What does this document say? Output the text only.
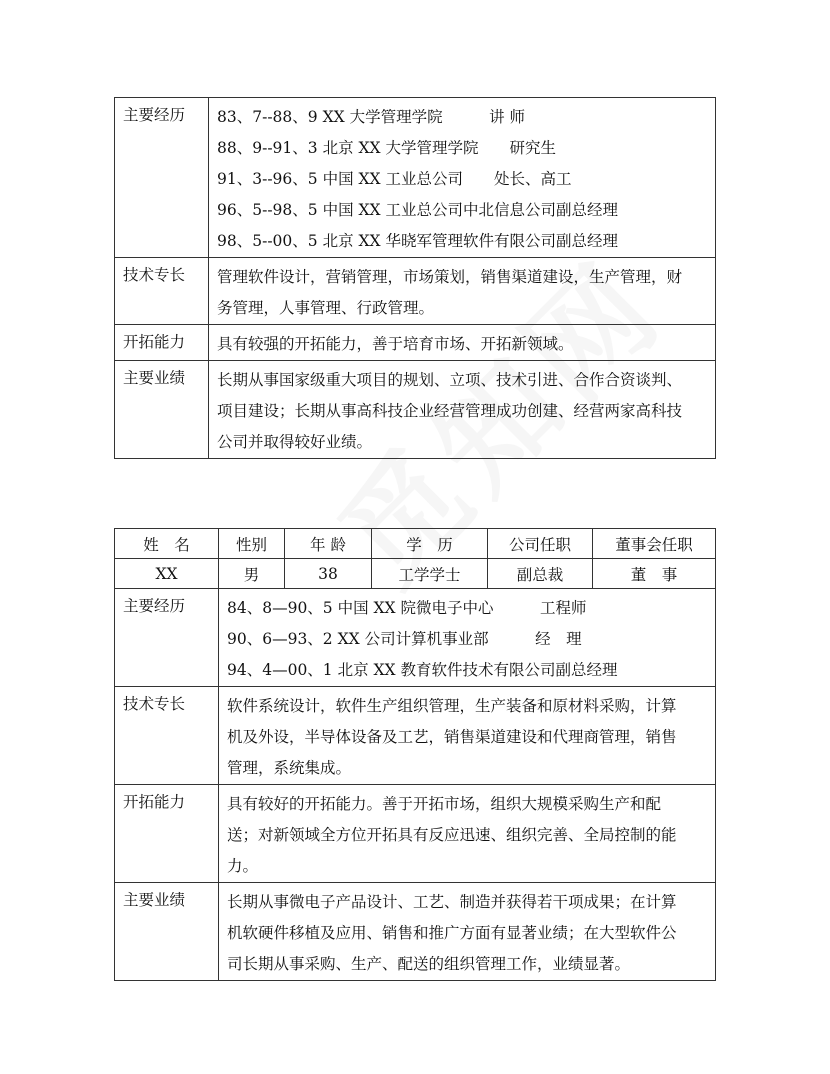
主要经历	83、7--88、9 XX 大学管理学院　　　讲 师
88、9--91、3 北京 XX 大学管理学院　　研究生
91、3--96、5 中国 XX 工业总公司　　处长、高工
96、5--98、5 中国 XX 工业总公司中北信息公司副总经理
98、5--00、5 北京 XX 华晓军管理软件有限公司副总经理

技术专长	管理软件设计，营销管理，市场策划，销售渠道建设，生产管理，财
务管理，人事管理、行政管理。

开拓能力	具有较强的开拓能力，善于培育市场、开拓新领域。

主要业绩	长期从事国家级重大项目的规划、立项、技术引进、合作合资谈判、
项目建设；长期从事高科技企业经营管理成功创建、经营两家高科技
公司并取得较好业绩。
姓　名	性别	年 龄	学　历	公司任职	董事会任职
XX	男	38	工学学士	副总裁	董　事
主要经历	84、8—90、5 中国 XX 院微电子中心　　　工程师
90、6—93、2 XX 公司计算机事业部　　　经　理
94、4—00、1 北京 XX 教育软件技术有限公司副总经理				

技术专长	软件系统设计，软件生产组织管理，生产装备和原材料采购，计算
机及外设，半导体设备及工艺，销售渠道建设和代理商管理，销售
管理，系统集成。				

开拓能力	具有较好的开拓能力。善于开拓市场，组织大规模采购生产和配
送；对新领域全方位开拓具有反应迅速、组织完善、全局控制的能
力。				

主要业绩	长期从事微电子产品设计、工艺、制造并获得若干项成果；在计算
机软硬件移植及应用、销售和推广方面有显著业绩；在大型软件公
司长期从事采购、生产、配送的组织管理工作，业绩显著。				
